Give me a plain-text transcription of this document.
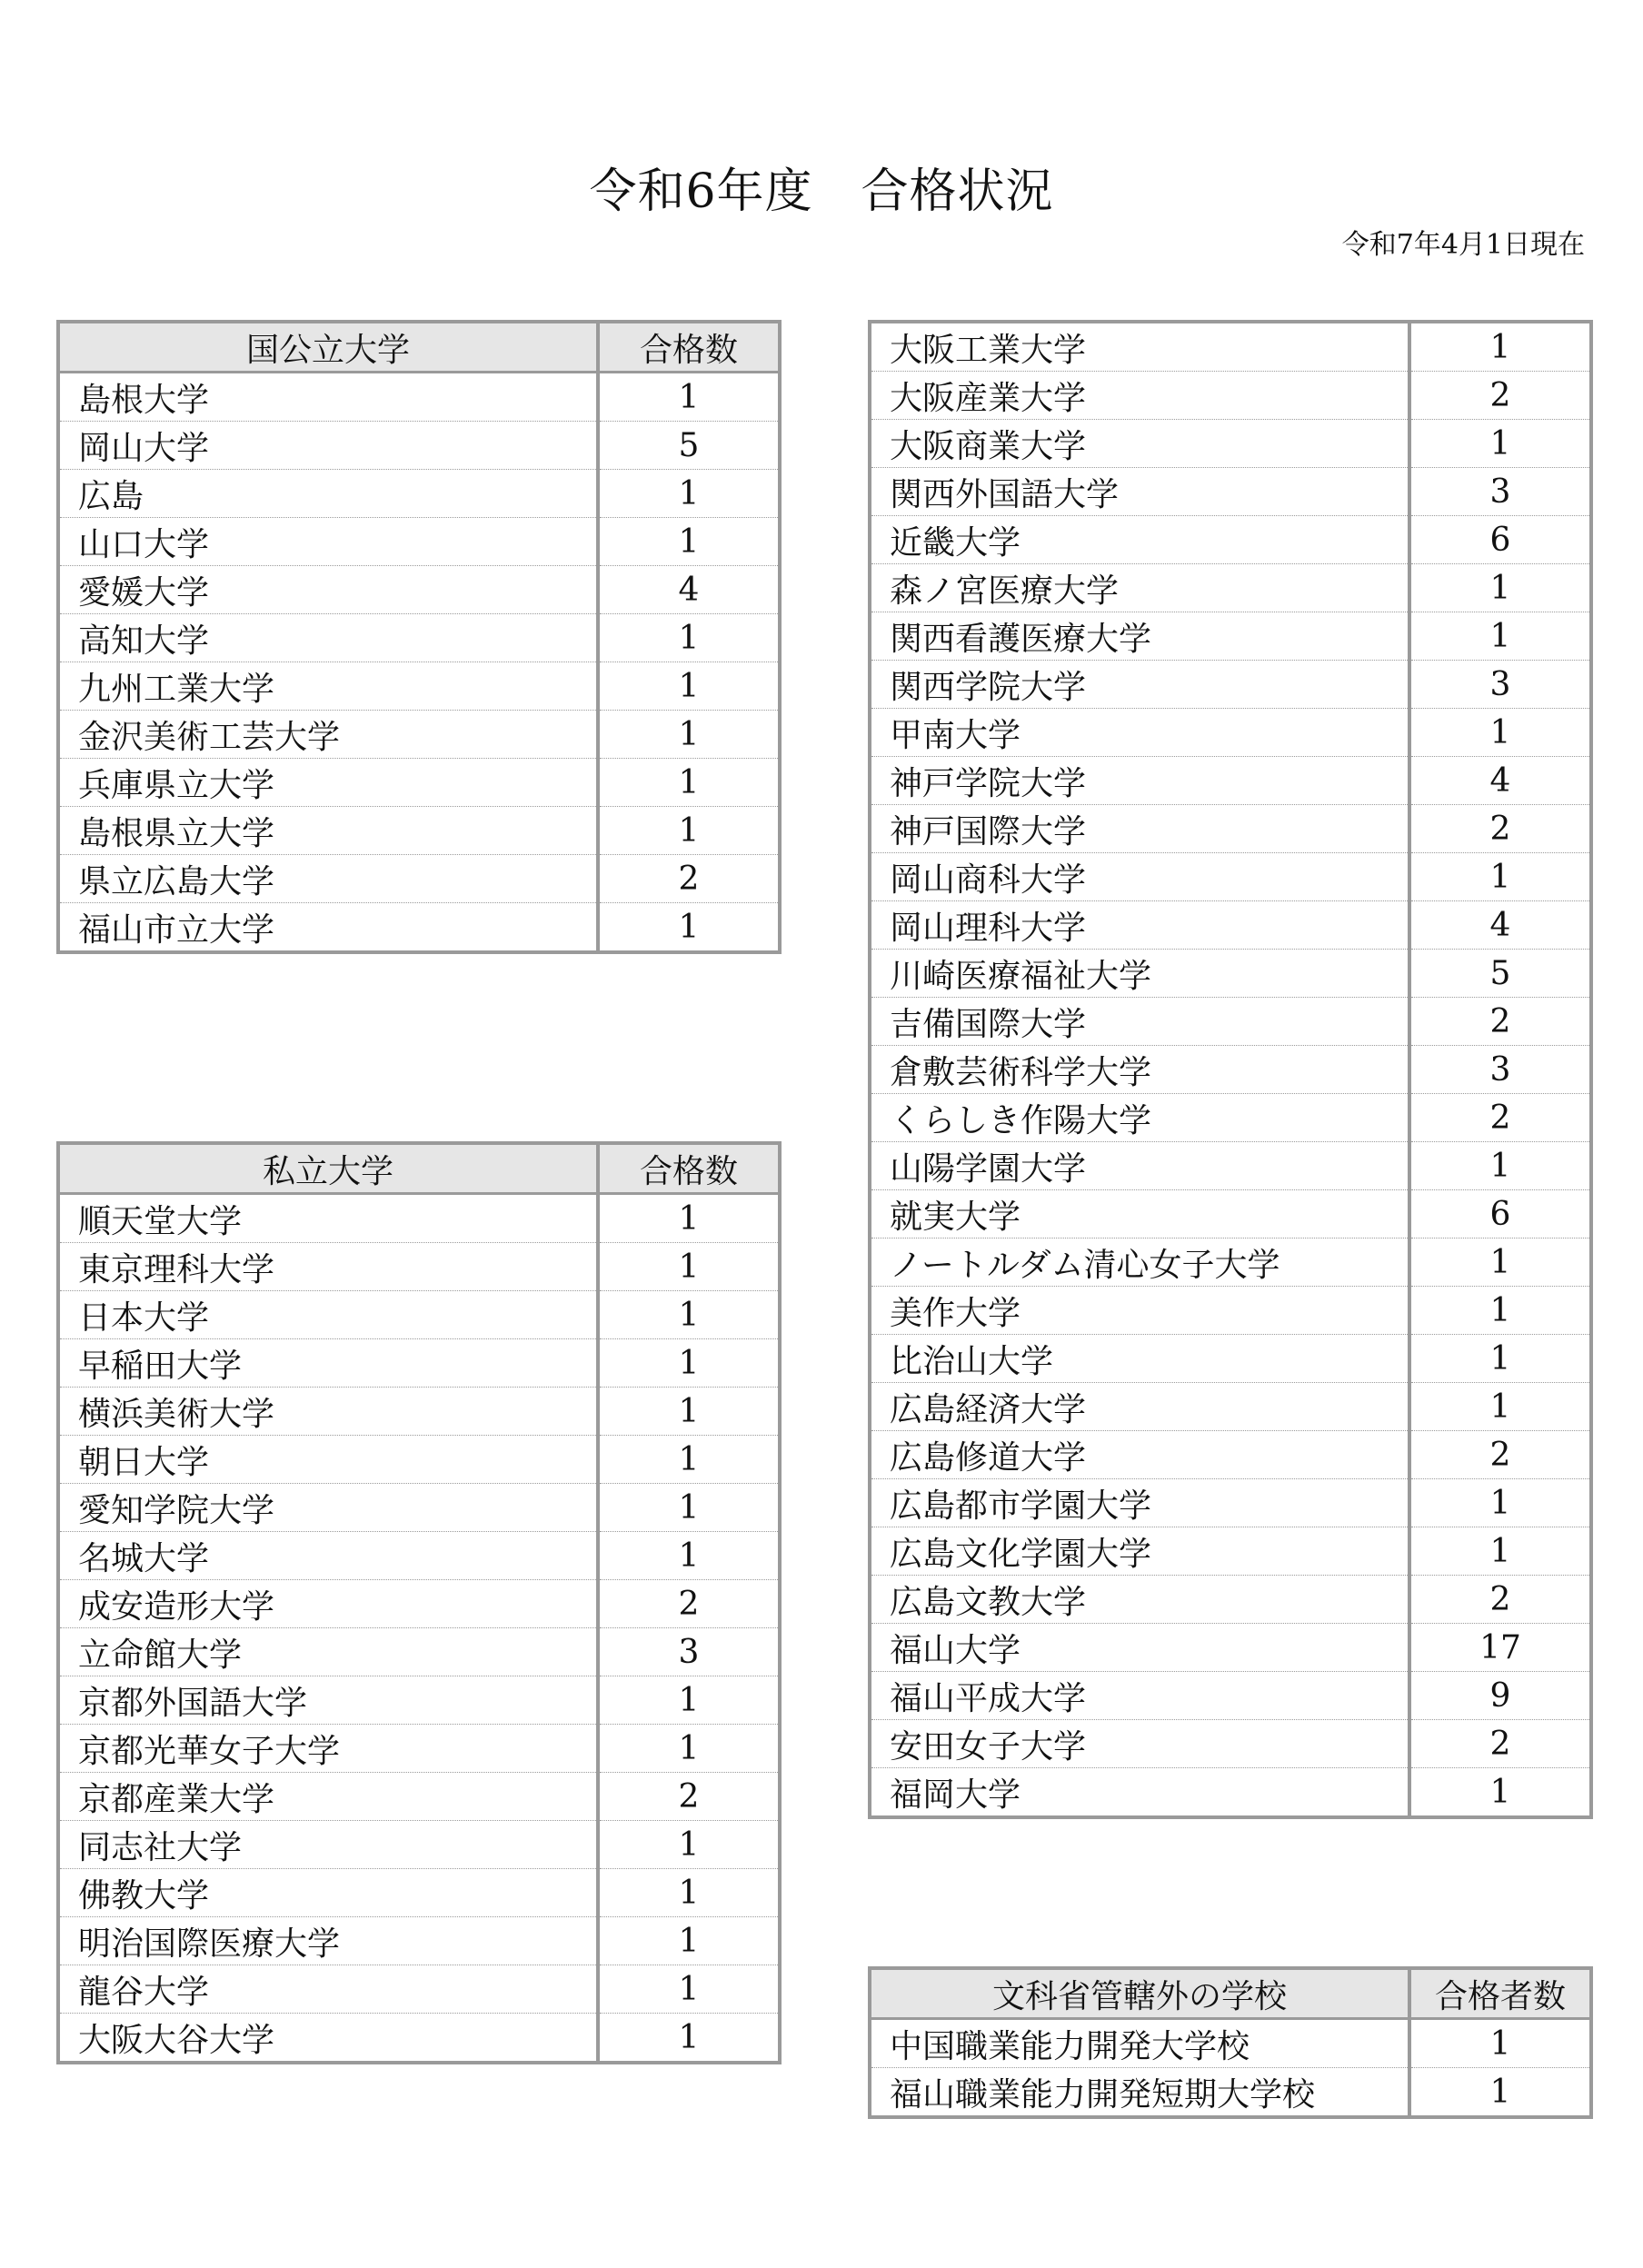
令和6年度　合格状況
令和7年4月1日現在
国公立大学	合格数
島根大学	1
岡山大学	5
広島	1
山口大学	1
愛媛大学	4
高知大学	1
九州工業大学	1
金沢美術工芸大学	1
兵庫県立大学	1
島根県立大学	1
県立広島大学	2
福山市立大学	1
私立大学	合格数
順天堂大学	1
東京理科大学	1
日本大学	1
早稲田大学	1
横浜美術大学	1
朝日大学	1
愛知学院大学	1
名城大学	1
成安造形大学	2
立命館大学	3
京都外国語大学	1
京都光華女子大学	1
京都産業大学	2
同志社大学	1
佛教大学	1
明治国際医療大学	1
龍谷大学	1
大阪大谷大学	1
大阪工業大学	1
大阪産業大学	2
大阪商業大学	1
関西外国語大学	3
近畿大学	6
森ノ宮医療大学	1
関西看護医療大学	1
関西学院大学	3
甲南大学	1
神戸学院大学	4
神戸国際大学	2
岡山商科大学	1
岡山理科大学	4
川崎医療福祉大学	5
吉備国際大学	2
倉敷芸術科学大学	3
くらしき作陽大学	2
山陽学園大学	1
就実大学	6
ノートルダム清心女子大学	1
美作大学	1
比治山大学	1
広島経済大学	1
広島修道大学	2
広島都市学園大学	1
広島文化学園大学	1
広島文教大学	2
福山大学	17
福山平成大学	9
安田女子大学	2
福岡大学	1
文科省管轄外の学校	合格者数
中国職業能力開発大学校	1
福山職業能力開発短期大学校	1
